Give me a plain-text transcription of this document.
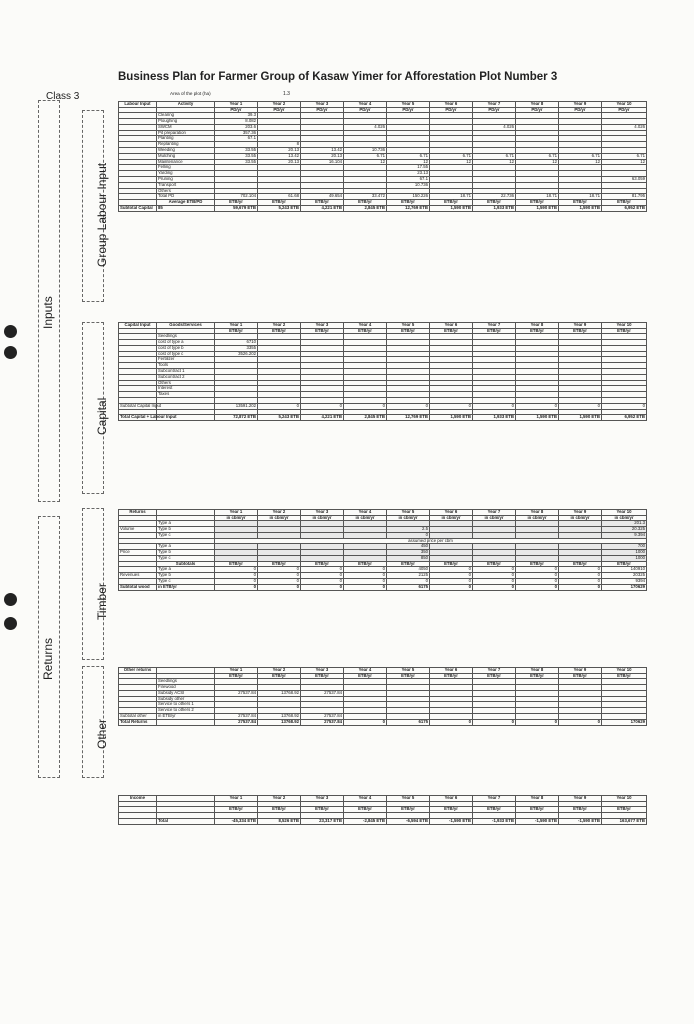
Business Plan for Farmer Group of Kasaw Yimer for Afforestation Plot Number 3
Class 3	Area of the plot (ha)	1.3
Inputs
Returns
Group Labour Input
Capital
Timber
Other
Labour Input	Activity	Year 1	Year 2	Year 3	Year 4	Year 5	Year 6	Year 7	Year 8	Year 9	Year 10
		PD/yr	PD/yr	PD/yr	PD/yr	PD/yr	PD/yr	PD/yr	PD/yr	PD/yr	PD/yr
	Clearing	39.3									
	Ploughing	8.082									
	SWCM	203.6			4.026			4.026			4.026
	Pit preparation	357.36									
	Planting	67.1									
	Replanting		8								
	Weeding	33.55	20.13	13.42	10.736						
	Mulching	33.55	13.42	20.13	6.71	6.71	6.71	6.71	6.71	6.71	6.71
	Maintenance	33.55	20.13	16.104	12	12	12	12	12	12	12
	Felling					17.55					
	Yarding					23.13					
	Pruning					67.1					63.059
	Transport					10.736					
	Others										
	Total PD	702.104	61.68	49.654	33.472	150.226	18.71	22.736	18.71	18.71	81.795
	Average ETB/PD	ETB/yr	ETB/yr	ETB/yr	ETB/yr	ETB/yr	ETB/yr	ETB/yr	ETB/yr	ETB/yr	ETB/yr
Subtotal Capital	85	59,679 ETB	5,243 ETB	4,221 ETB	2,845 ETB	12,769 ETB	1,590 ETB	1,933 ETB	1,590 ETB	1,590 ETB	6,952 ETB
Capital Input	Goods/Services	Year 1	Year 2	Year 3	Year 4	Year 5	Year 6	Year 7	Year 8	Year 9	Year 10
		ETB/yr	ETB/yr	ETB/yr	ETB/yr	ETB/yr	ETB/yr	ETB/yr	ETB/yr	ETB/yr	ETB/yr
	Seedlings										
	cost of type a	6710									
	cost of type b	3355									
	cost of type c	3526.202									
	Fertilizer										
	Tools										
	Subcontract 1										
	Subcontract 2										
	Others										
	Interest										
	Taxes										

Subtotal Capital Input		13591.202	0	0	0	0	0	0	0	0	0

Total Capital + Labour Input		72,872 ETB	5,243 ETB	4,221 ETB	2,845 ETB	12,769 ETB	1,590 ETB	1,933 ETB	1,590 ETB	1,590 ETB	6,952 ETB
Returns		Year 1	Year 2	Year 3	Year 4	Year 5	Year 6	Year 7	Year 8	Year 9	Year 10
		in cbm/yr	in cbm/yr	in cbm/yr	in cbm/yr	in cbm/yr	in cbm/yr	in cbm/yr	in cbm/yr	in cbm/yr	in cbm/yr
	Type a										201.3
Volume	Type b					2.5					20.325
	Type c					0					9.394
		assumed price per cbm									
	Type a					450					700
Price	Type b					350					1000
	Type c					850					1000
	Subtotals	ETB/yr	ETB/yr	ETB/yr	ETB/yr	ETB/yr	ETB/yr	ETB/yr	ETB/yr	ETB/yr	ETB/yr
	Type a	0	0	0	0	4050	0	0	0	0	140910
Revenues	Type b	0	0	0	0	2125	0	0	0	0	20325
	Type c	0	0	0	0	0	0	0	0	0	9394
Subtotal wood	in ETB/yr	0	0	0	0	6175	0	0	0	0	170629
Other returns		Year 1	Year 2	Year 3	Year 4	Year 5	Year 6	Year 7	Year 8	Year 9	Year 10
		ETB/yr	ETB/yr	ETB/yr	ETB/yr	ETB/yr	ETB/yr	ETB/yr	ETB/yr	ETB/yr	ETB/yr
	Seedlings										
	Firewood										
	Subsidy ACSI	27537.84	13768.92	27537.84							
	Subsidy other										
	Service to others 1										
	Service to others 2										
Subtotal other	in ETB/yr	27537.84	13768.92	27537.84							
Total Returns		27537.84	13768.92	27537.84	0	6175	0	0	0	0	170629
Income		Year 1	Year 2	Year 3	Year 4	Year 5	Year 6	Year 7	Year 8	Year 9	Year 10

		ETB/yr	ETB/yr	ETB/yr	ETB/yr	ETB/yr	ETB/yr	ETB/yr	ETB/yr	ETB/yr	ETB/yr

	Total	-45,334 ETB	8,526 ETB	23,317 ETB	-2,845 ETB	-6,594 ETB	-1,590 ETB	-1,933 ETB	-1,590 ETB	-1,590 ETB	163,677 ETB
